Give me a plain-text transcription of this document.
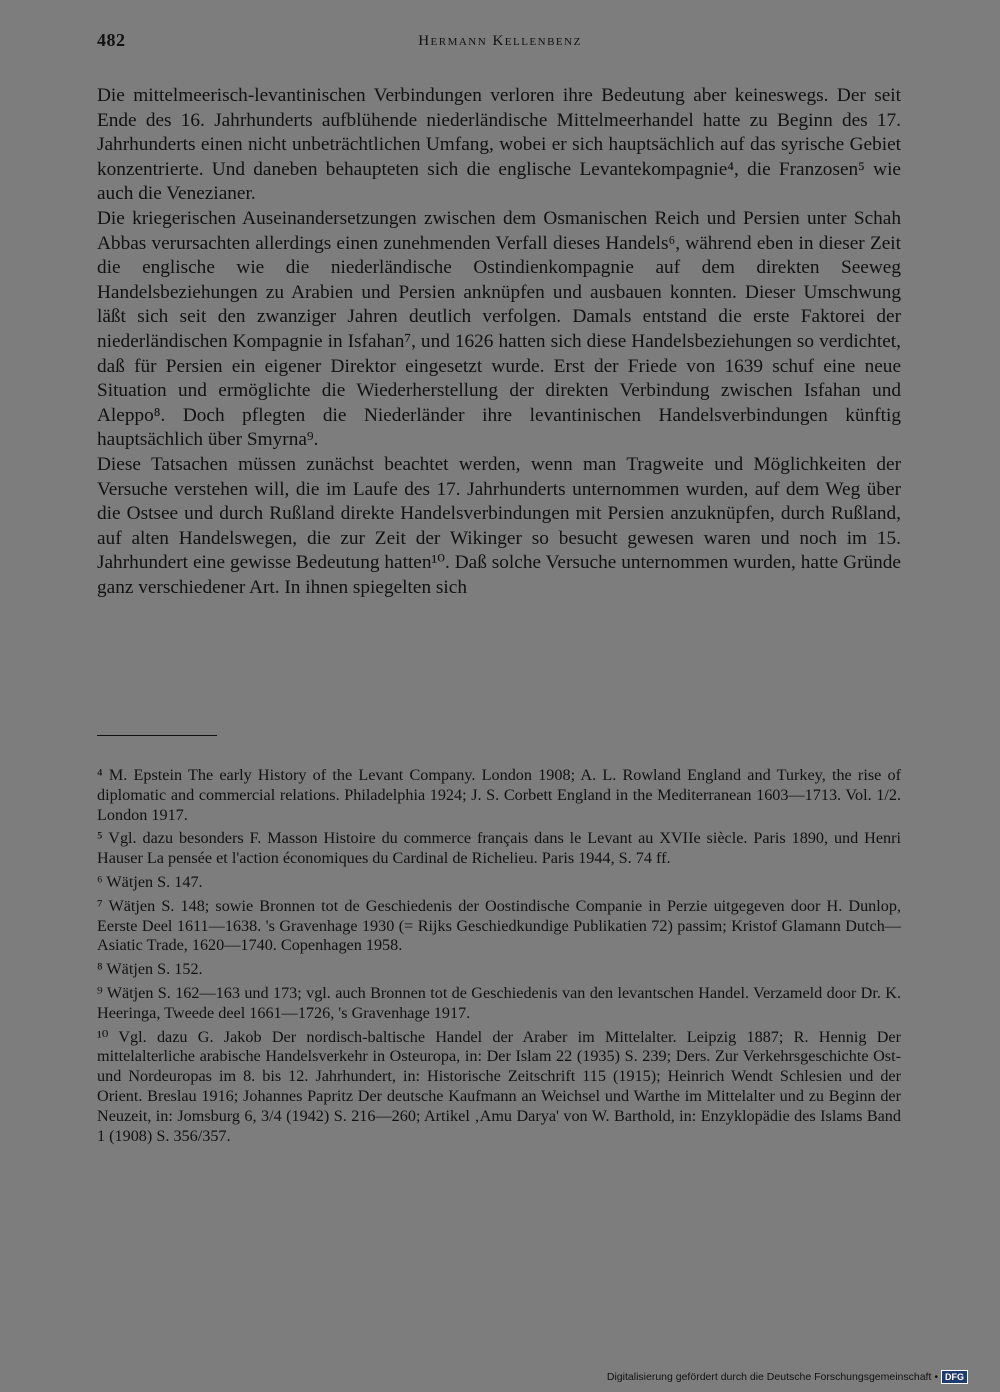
482	Hermann Kellenbenz

Die mittelmeerisch-levantinischen Verbindungen verloren ihre Bedeutung aber keineswegs. Der seit Ende des 16. Jahrhunderts aufblühende niederländische Mittelmeerhandel hatte zu Beginn des 17. Jahrhunderts einen nicht unbeträchtlichen Umfang, wobei er sich hauptsächlich auf das syrische Gebiet konzentrierte. Und daneben behaupteten sich die englische Levantekompagnie⁴, die Franzosen⁵ wie auch die Venezianer.

Die kriegerischen Auseinandersetzungen zwischen dem Osmanischen Reich und Persien unter Schah Abbas verursachten allerdings einen zunehmenden Verfall dieses Handels⁶, während eben in dieser Zeit die englische wie die niederländische Ostindienkompagnie auf dem direkten Seeweg Handelsbeziehungen zu Arabien und Persien anknüpfen und ausbauen konnten. Dieser Umschwung läßt sich seit den zwanziger Jahren deutlich verfolgen. Damals entstand die erste Faktorei der niederländischen Kompagnie in Isfahan⁷, und 1626 hatten sich diese Handelsbeziehungen so verdichtet, daß für Persien ein eigener Direktor eingesetzt wurde. Erst der Friede von 1639 schuf eine neue Situation und ermöglichte die Wiederherstellung der direkten Verbindung zwischen Isfahan und Aleppo⁸. Doch pflegten die Niederländer ihre levantinischen Handelsverbindungen künftig hauptsächlich über Smyrna⁹.

Diese Tatsachen müssen zunächst beachtet werden, wenn man Tragweite und Möglichkeiten der Versuche verstehen will, die im Laufe des 17. Jahrhunderts unternommen wurden, auf dem Weg über die Ostsee und durch Rußland direkte Handelsverbindungen mit Persien anzuknüpfen, durch Rußland, auf alten Handelswegen, die zur Zeit der Wikinger so besucht gewesen waren und noch im 15. Jahrhundert eine gewisse Bedeutung hatten¹⁰. Daß solche Versuche unternommen wurden, hatte Gründe ganz verschiedener Art. In ihnen spiegelten sich

⁴ M. Epstein The early History of the Levant Company. London 1908; A. L. Rowland England and Turkey, the rise of diplomatic and commercial relations. Philadelphia 1924; J. S. Corbett England in the Mediterranean 1603—1713. Vol. 1/2. London 1917.

⁵ Vgl. dazu besonders F. Masson Histoire du commerce français dans le Levant au XVIIe siècle. Paris 1890, und Henri Hauser La pensée et l'action économiques du Cardinal de Richelieu. Paris 1944, S. 74 ff.

⁶ Wätjen S. 147.

⁷ Wätjen S. 148; sowie Bronnen tot de Geschiedenis der Oostindische Companie in Perzie uitgegeven door H. Dunlop, Eerste Deel 1611—1638. 's Gravenhage 1930 (= Rijks Geschiedkundige Publikatien 72) passim; Kristof Glamann Dutch—Asiatic Trade, 1620—1740. Copenhagen 1958.

⁸ Wätjen S. 152.

⁹ Wätjen S. 162—163 und 173; vgl. auch Bronnen tot de Geschiedenis van den levantschen Handel. Verzameld door Dr. K. Heeringa, Tweede deel 1661—1726, 's Gravenhage 1917.

¹⁰ Vgl. dazu G. Jakob Der nordisch-baltische Handel der Araber im Mittelalter. Leipzig 1887; R. Hennig Der mittelalterliche arabische Handelsverkehr in Osteuropa, in: Der Islam 22 (1935) S. 239; Ders. Zur Verkehrsgeschichte Ost- und Nordeuropas im 8. bis 12. Jahrhundert, in: Historische Zeitschrift 115 (1915); Heinrich Wendt Schlesien und der Orient. Breslau 1916; Johannes Papritz Der deutsche Kaufmann an Weichsel und Warthe im Mittelalter und zu Beginn der Neuzeit, in: Jomsburg 6, 3/4 (1942) S. 216—260; Artikel ‚Amu Darya' von W. Barthold, in: Enzyklopädie des Islams Band 1 (1908) S. 356/357.

Digitalisierung gefördert durch die Deutsche Forschungsgemeinschaft • DFG
